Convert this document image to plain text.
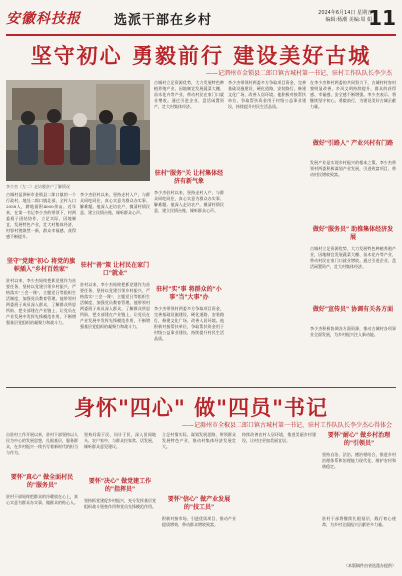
安徽科技报	选派干部在乡村	2024年6月14日 星期五
编辑:杨潮 美编:周 娟
11
坚守初心 勇毅前行 建设美好古城
——记泗州市金锁县二郎口镇古城村第一书记、驻村工作队队长李少杰
李少杰（左二）走访脱贫户了解情况
古城村是泗州市金锁县二郎口镇的一个行政村，地处二郎口镇北部，全村人口2058人，耕地面积4000余亩。近年来，在第一书记李少杰的带领下，村两委班子团结协作，立足实际，因地制宜，发展特色产业，壮大村集体经济，村容村貌焕然一新，群众幸福感、获得感不断提升。
坚守"党建"初心 将党的旗帜插入"乡村百姓家"
驻村以来，李少杰始终把抓党建作为首要任务，坚持以党建引领乡村振兴，严格落实"三会一课"、主题党日等组织生活制度，加强党员教育管理。他带领村两委班子成员深入群众，了解群众所思所盼，把支部建在产业链上，让党员在产业发展中发挥先锋模范作用，不断增强基层党组织的凝聚力和战斗力。
李少杰驻村以来，坚持走村入户，与群众同吃同住，真心实意为群众办实事、解难题。他深入走访农户，摸清村情民意，建立民情台账，倾听群众心声。
驻村"善"策 让村民在家门口"就业"
驻村以来，李少杰始终把抓党建作为首要任务，坚持以党建引领乡村振兴，严格落实"三会一课"、主题党日等组织生活制度，加强党员教育管理。他带领村两委班子成员深入群众，了解群众所思所盼，把支部建在产业链上，让党员在产业发展中发挥先锋模范作用，不断增强基层党组织的凝聚力和战斗力。
古城村立足资源优势，大力发展特色种植养殖产业，因地制宜发展蔬菜大棚、苗木花卉等产业，带动村民在家门口就业增收。通过引进企业，盘活闲置资产，壮大村集体经济。
驻村"服务"关 让村集体经济有新气象
李少杰驻村以来，坚持走村入户，与群众同吃同住，真心实意为群众办实事、解难题。他深入走访农户，摸清村情民意，建立民情台账，倾听群众心声。
驻村"实"事 将群众的"小事"当"大事"办
李少杰带领村两委多方争取项目资金，完善基础设施建设，硬化道路，安装路灯，修建文化广场，改善人居环境。他积极对接帮扶单位，争取帮扶资金用于村级公益事业建设，持续提升村民生活品质。
李少杰带领村两委多方争取项目资金，完善基础设施建设，硬化道路，安装路灯，修建文化广场，改善人居环境。他积极对接帮扶单位，争取帮扶资金用于村级公益事业建设，持续提升村民生活品质。
在李少杰和村两委的共同努力下，古城村村容村貌明显改善，乡风文明持续提升，群众的获得感、幸福感、安全感不断增强。李少杰表示，将继续坚守初心，勇毅前行，为建设美好古城贡献力量。
做好"引路人" 产业兴村有门路
发展产业是实现乡村振兴的根本之策。李少杰带领村两委积极谋划产业发展，引进致富项目，带动村民增收致富。
做好"服务员" 助推集体经济发展
古城村立足资源优势，大力发展特色种植养殖产业，因地制宜发展蔬菜大棚、苗木花卉等产业，带动村民在家门口就业增收。通过引进企业，盘活闲置资产，壮大村集体经济。
做好"宣传员" 协调有关各方面
李少杰积极协调各方面资源，推动古城村各项事业全面发展，为乡村振兴注入新动能。
身怀"四心" 做"四员"书记
——记滁州市全椒县二郎口镇古城村第一书记、驻村工作队队长李少杰心得体会
自驻村工作开展以来，驻村干部坚持以人民为中心的发展思想，扎根基层，服务群众，在乡村振兴一线书写着新时代的担当与作为。
要怀"真心" 做全面村民的"服务员"
驻村干部始终把群众的冷暖放在心上，真心实意为群众办实事，做群众的贴心人。
坚持问需于民、问计于民，深入田间地头、农户家中，与群众拉家常、话发展，倾听群众意见建议。
要怀"决心" 做党建工作的"指挥员"
坚持抓党建促乡村振兴，充分发挥基层党组织战斗堡垒作用和党员先锋模范作用。
立足村情实际，谋划发展思路，带领群众发展特色产业，推动村集体经济发展壮大。
要怀"信心" 做产业发展的"技工员"
积极对接市场，引进优质项目，推动产业提质增效，带动群众增收致富。
持续改善农村人居环境，推进美丽乡村建设，让村庄更加美丽宜居。
要怀"耐心" 做乡村治理的"引领员"
坚持自治、法治、德治相结合，推进乡村治理体系和治理能力现代化，维护农村和谐稳定。
驻村干部将继续扎根基层，践行初心使命，为乡村全面振兴贡献更多力量。
（本版稿件由省选派办提供）
